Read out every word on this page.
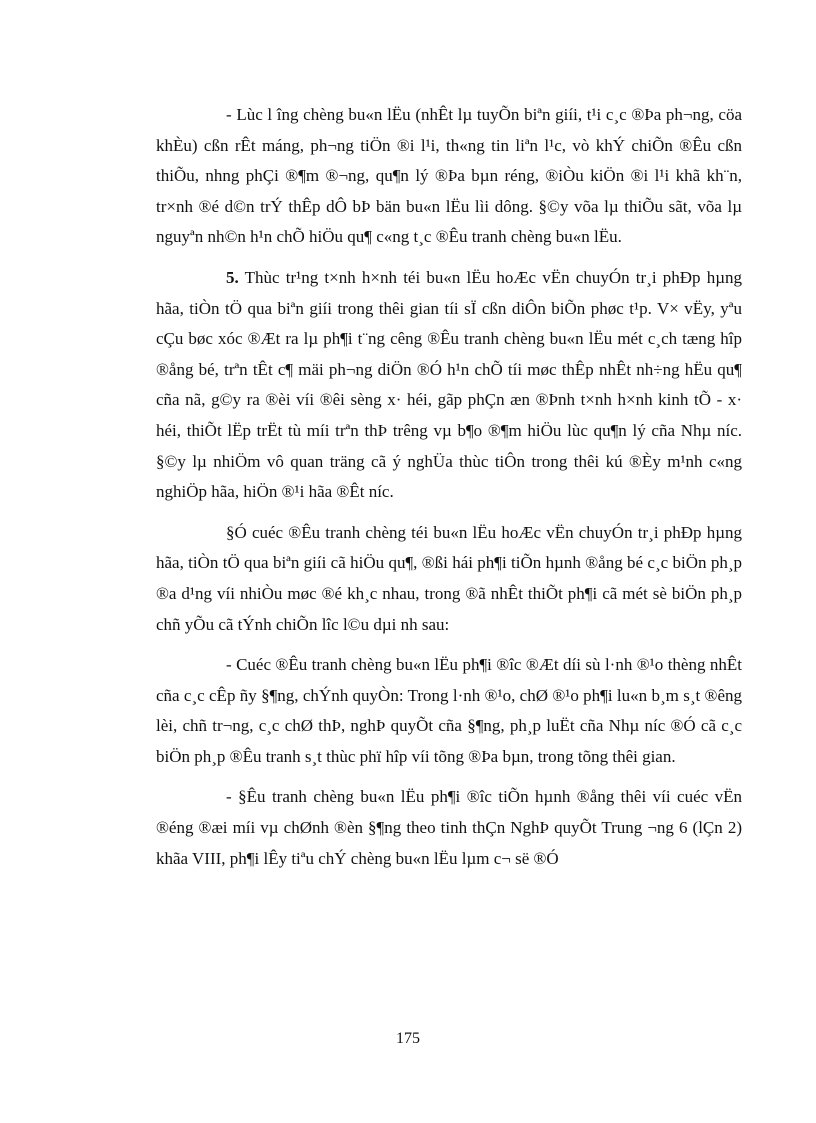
- Lùc l îng chèng bu«n lËu (nhÊt lµ tuyÕn biªn giíi, t¹i c¸c ®Þa ph¬ng, cöa khÈu) cßn rÊt máng, ph¬ng tiÖn ®i l¹i, th«ng tin liªn l¹c, vò khÝ chiÕn ®Êu cßn thiÕu, nhng phÇi ®¶m ®¬ng, qu¶n lý ®Þa bµn réng, ®iÒu kiÖn ®i l¹i khã kh¨n, tr×nh ®é d©n trÝ thÊp dÔ bÞ bän bu«n lËu lìi dông. §©y võa lµ thiÕu sãt, võa lµ nguyªn nh©n h¹n chÕ hiÖu qu¶ c«ng t¸c ®Êu tranh chèng bu«n lËu.

5. Thùc tr¹ng t×nh h×nh téi bu«n lËu hoÆc vËn chuyÓn tr¸i phÐp hµng hãa, tiÒn tÖ qua biªn giíi trong thêi gian tíi sÏ cßn diÔn biÕn phøc t¹p. V× vËy, yªu cÇu bøc xóc ®Æt ra lµ ph¶i t¨ng cêng ®Êu tranh chèng bu«n lËu mét c¸ch tæng hîp ®ång bé, trªn tÊt c¶ mäi ph¬ng diÖn ®Ó h¹n chÕ tíi møc thÊp nhÊt nh÷ng hËu qu¶ cña nã, g©y ra ®èi víi ®êi sèng x· héi, gãp phÇn æn ®Þnh t×nh h×nh kinh tÕ - x· héi, thiÕt lËp trËt tù míi trªn thÞ trêng vµ b¶o ®¶m hiÖu lùc qu¶n lý cña Nhµ níc. §©y lµ nhiÖm vô quan träng cã ý nghÜa thùc tiÔn trong thêi kú ®Èy m¹nh c«ng nghiÖp hãa, hiÖn ®¹i hãa ®Êt níc.

§Ó cuéc ®Êu tranh chèng téi bu«n lËu hoÆc vËn chuyÓn tr¸i phÐp hµng hãa, tiÒn tÖ qua biªn giíi cã hiÖu qu¶, ®ßi hái ph¶i tiÕn hµnh ®ång bé c¸c biÖn ph¸p ®a d¹ng víi nhiÒu møc ®é kh¸c nhau, trong ®ã nhÊt thiÕt ph¶i cã mét sè biÖn ph¸p chñ yÕu cã tÝnh chiÕn lîc l©u dµi nh sau:

- Cuéc ®Êu tranh chèng bu«n lËu ph¶i ®îc ®Æt díi sù l·nh ®¹o thèng nhÊt cña c¸c cÊp ñy §¶ng, chÝnh quyÒn: Trong l·nh ®¹o, chØ ®¹o ph¶i lu«n b¸m s¸t ®êng lèi, chñ tr¬ng, c¸c chØ thÞ, nghÞ quyÕt cña §¶ng, ph¸p luËt cña Nhµ níc ®Ó cã c¸c biÖn ph¸p ®Êu tranh s¸t thùc phï hîp víi tõng ®Þa bµn, trong tõng thêi gian.

- §Êu tranh chèng bu«n lËu ph¶i ®îc tiÕn hµnh ®ång thêi víi cuéc vËn ®éng ®æi míi vµ chØnh ®èn §¶ng theo tinh thÇn NghÞ quyÕt Trung ¬ng 6 (lÇn 2) khãa VIII, ph¶i lÊy tiªu chÝ chèng bu«n lËu lµm c¬ së ®Ó

175
